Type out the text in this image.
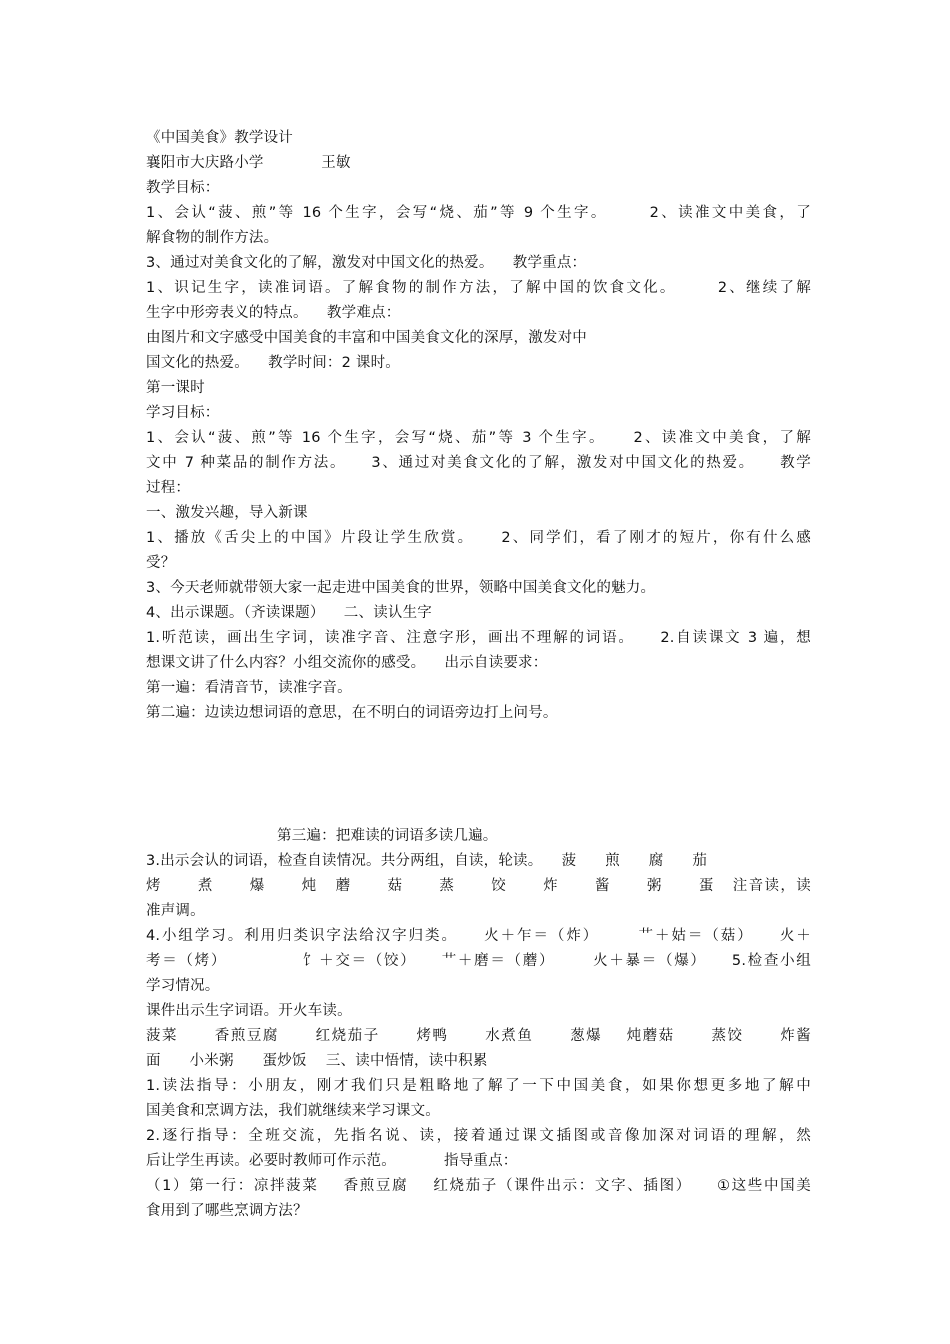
《中国美食》教学设计
襄阳市大庆路小学            王敏
教学目标：
1、会认“菠、煎”等 16 个生字，会写“烧、茄”等 9 个生字。      2、读准文中美食，了
解食物的制作方法。
3、通过对美食文化的了解，激发对中国文化的热爱。    教学重点：
1、识记生字，读准词语。了解食物的制作方法，了解中国的饮食文化。      2、继续了解
生字中形旁表义的特点。    教学难点：
由图片和文字感受中国美食的丰富和中国美食文化的深厚，激发对中
国文化的热爱。    教学时间：2 课时。
第一课时
学习目标：
1、会认“菠、煎”等 16 个生字，会写“烧、茄”等 3 个生字。    2、读准文中美食，了解
文中 7 种菜品的制作方法。    3、通过对美食文化的了解，激发对中国文化的热爱。    教学
过程：
一、激发兴趣，导入新课
1、播放《舌尖上的中国》片段让学生欣赏。    2、同学们，看了刚才的短片，你有什么感
受？
3、今天老师就带领大家一起走进中国美食的世界，领略中国美食文化的魅力。
4、出示课题。（齐读课题）    二、读认生字
1.听范读，画出生字词，读准字音、注意字形，画出不理解的词语。    2.自读课文 3 遍，想
想课文讲了什么内容？小组交流你的感受。    出示自读要求：
第一遍：看清音节，读准字音。
第二遍：边读边想词语的意思，在不明白的词语旁边打上问号。
第三遍：把难读的词语多读几遍。
3.出示会认的词语，检查自读情况。共分两组，自读，轮读。    菠      煎      腐      茄
烤      煮      爆      炖   蘑      菇      蒸      饺      炸      酱      粥      蛋   注音读，读
准声调。
4.小组学习。利用归类识字法给汉字归类。    火＋乍＝（炸）      艹＋姑＝（菇）    火＋
考＝（烤）            饣＋交＝（饺）    艹＋磨＝（蘑）      火＋暴＝（爆）    5.检查小组
学习情况。
课件出示生字词语。开火车读。
菠菜      香煎豆腐      红烧茄子      烤鸭      水煮鱼      葱爆    炖蘑菇      蒸饺      炸酱
面      小米粥      蛋炒饭    三、读中悟情，读中积累
1.读法指导：小朋友，刚才我们只是粗略地了解了一下中国美食，如果你想更多地了解中
国美食和烹调方法，我们就继续来学习课文。
2.逐行指导：全班交流，先指名说、读，接着通过课文插图或音像加深对词语的理解，然
后让学生再读。必要时教师可作示范。          指导重点：
（1）第一行：凉拌菠菜    香煎豆腐    红烧茄子（课件出示：文字、插图）    ①这些中国美
食用到了哪些烹调方法？
